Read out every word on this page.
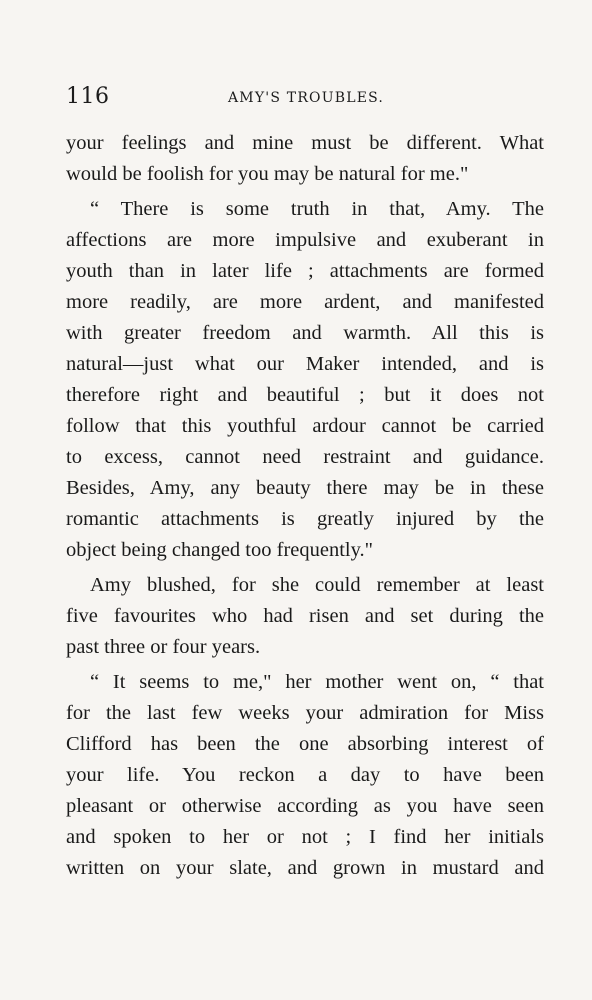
116	AMY'S TROUBLES.
your feelings and mine must be different. What
would be foolish for you may be natural for me."
“ There is some truth in that, Amy. The
affections are more impulsive and exuberant in
youth than in later life ; attachments are formed
more readily, are more ardent, and manifested
with greater freedom and warmth. All this is
natural—just what our Maker intended, and is
therefore right and beautiful ; but it does not
follow that this youthful ardour cannot be carried
to excess, cannot need restraint and guidance.
Besides, Amy, any beauty there may be in these
romantic attachments is greatly injured by the
object being changed too frequently."
Amy blushed, for she could remember at least
five favourites who had risen and set during the
past three or four years.
“ It seems to me," her mother went on, “ that
for the last few weeks your admiration for Miss
Clifford has been the one absorbing interest of
your life. You reckon a day to have been
pleasant or otherwise according as you have seen
and spoken to her or not ; I find her initials
written on your slate, and grown in mustard and
